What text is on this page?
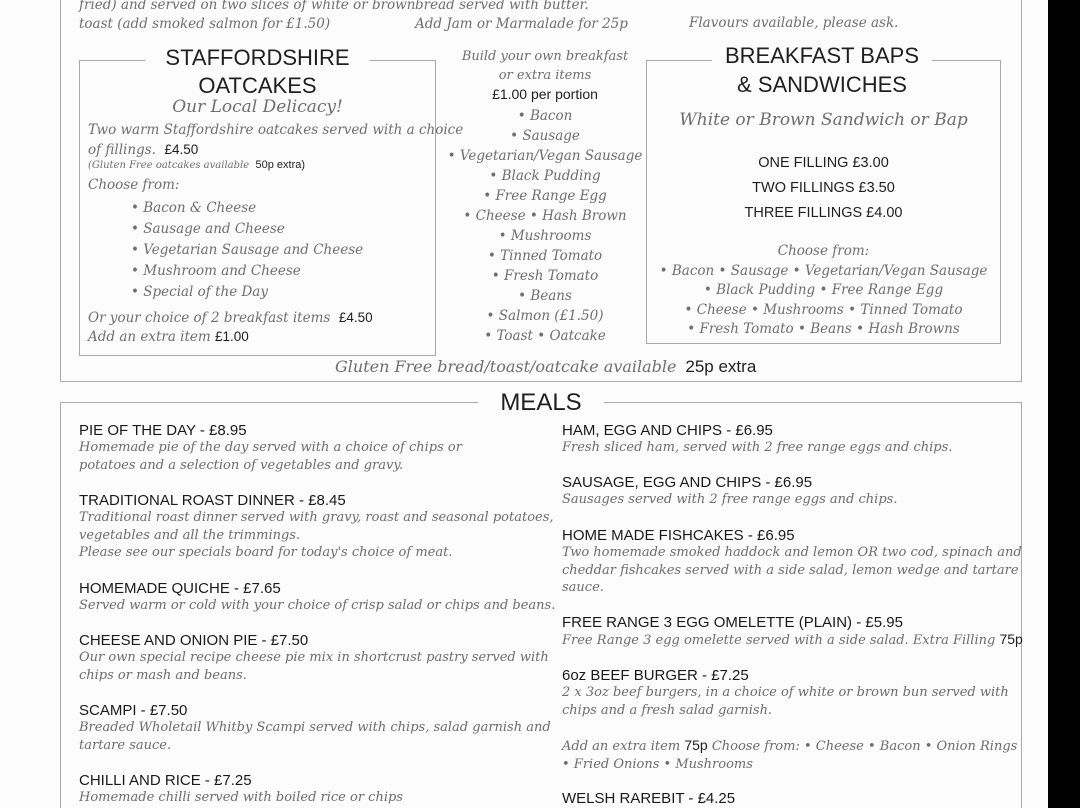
fried) and served on two slices of white or brown
toast (add smoked salmon for £1.50)
bread served with butter.
Add Jam or Marmalade for 25p	Flavours available, please ask.
STAFFORDSHIRE
OATCAKES
Our Local Delicacy!
Two warm Staffordshire oatcakes served with a choice
of fillings. £4.50
(Gluten Free oatcakes available 50p extra)
Choose from:
• Bacon & Cheese
• Sausage and Cheese
• Vegetarian Sausage and Cheese
• Mushroom and Cheese
• Special of the Day
Or your choice of 2 breakfast items £4.50
Add an extra item £1.00
Build your own breakfast
or extra items
£1.00 per portion
• Bacon
• Sausage
• Vegetarian/Vegan Sausage
• Black Pudding
• Free Range Egg
• Cheese • Hash Brown
• Mushrooms
• Tinned Tomato
• Fresh Tomato
• Beans
• Salmon (£1.50)
• Toast • Oatcake
BREAKFAST BAPS
& SANDWICHES
White or Brown Sandwich or Bap
ONE FILLING £3.00
TWO FILLINGS £3.50
THREE FILLINGS £4.00
Choose from:
• Bacon • Sausage • Vegetarian/Vegan Sausage
• Black Pudding • Free Range Egg
• Cheese • Mushrooms • Tinned Tomato
• Fresh Tomato • Beans • Hash Browns
Gluten Free bread/toast/oatcake available 25p extra
MEALS
PIE OF THE DAY - £8.95
Homemade pie of the day served with a choice of chips or
potatoes and a selection of vegetables and gravy.
TRADITIONAL ROAST DINNER - £8.45
Traditional roast dinner served with gravy, roast and seasonal potatoes,
vegetables and all the trimmings.
Please see our specials board for today's choice of meat.
HOMEMADE QUICHE - £7.65
Served warm or cold with your choice of crisp salad or chips and beans.
CHEESE AND ONION PIE - £7.50
Our own special recipe cheese pie mix in shortcrust pastry served with
chips or mash and beans.
SCAMPI - £7.50
Breaded Wholetail Whitby Scampi served with chips, salad garnish and
tartare sauce.
CHILLI AND RICE - £7.25
Homemade chilli served with boiled rice or chips
HAM, EGG AND CHIPS - £6.95
Fresh sliced ham, served with 2 free range eggs and chips.
SAUSAGE, EGG AND CHIPS - £6.95
Sausages served with 2 free range eggs and chips.
HOME MADE FISHCAKES - £6.95
Two homemade smoked haddock and lemon OR two cod, spinach and
cheddar fishcakes served with a side salad, lemon wedge and tartare
sauce.
FREE RANGE 3 EGG OMELETTE (PLAIN) - £5.95
Free Range 3 egg omelette served with a side salad. Extra Filling 75p
6oz BEEF BURGER - £7.25
2 x 3oz beef burgers, in a choice of white or brown bun served with
chips and a fresh salad garnish.
Add an extra item 75p Choose from: • Cheese • Bacon • Onion Rings
• Fried Onions • Mushrooms
WELSH RAREBIT - £4.25
